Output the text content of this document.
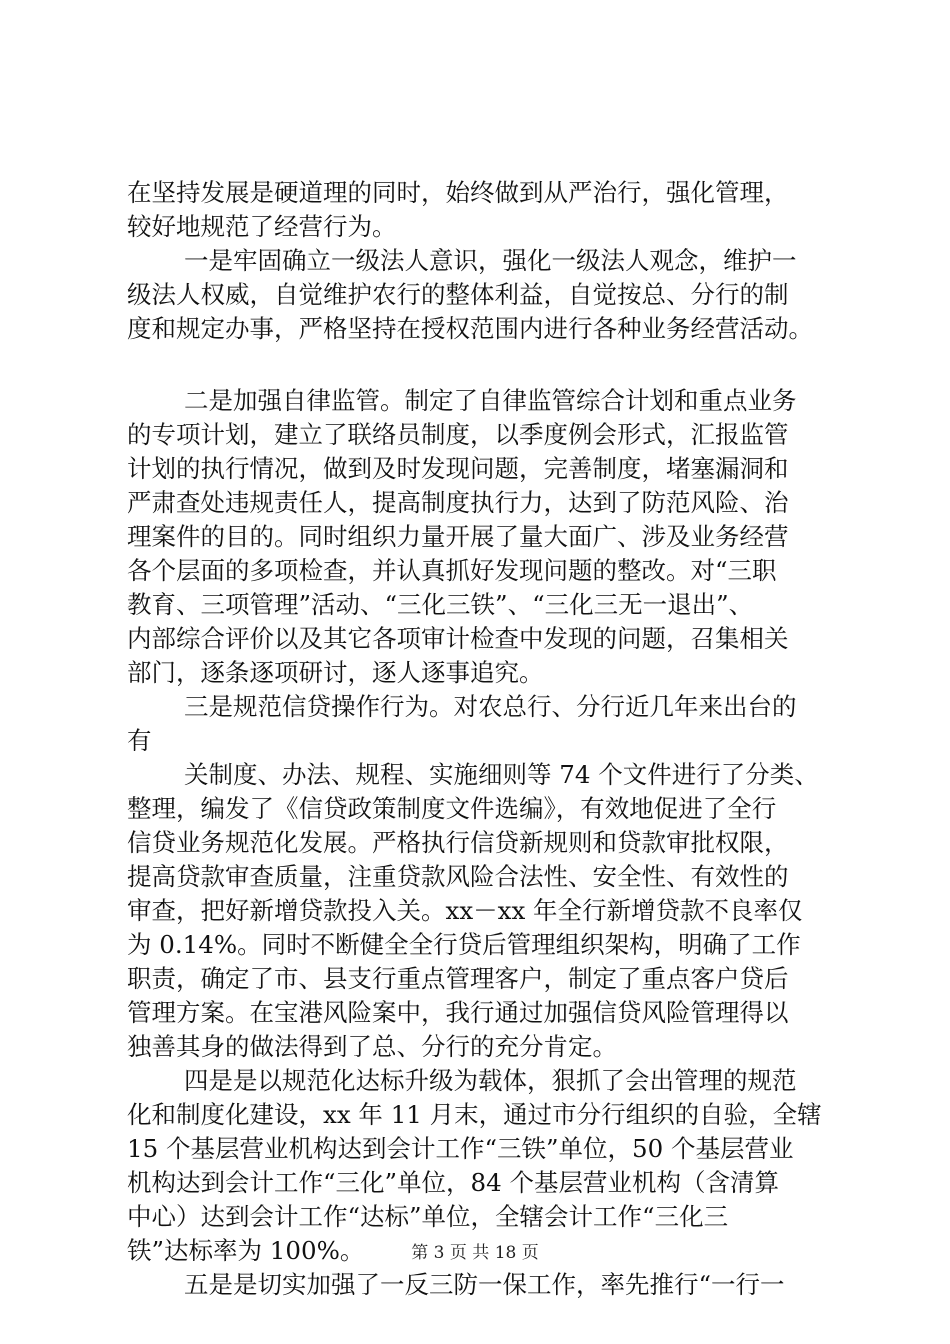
在坚持发展是硬道理的同时，始终做到从严治行，强化管理，
较好地规范了经营行为。
一是牢固确立一级法人意识，强化一级法人观念，维护一
级法人权威，自觉维护农行的整体利益，自觉按总、分行的制
度和规定办事，严格坚持在授权范围内进行各种业务经营活动。
二是加强自律监管。制定了自律监管综合计划和重点业务
的专项计划，建立了联络员制度，以季度例会形式，汇报监管
计划的执行情况，做到及时发现问题，完善制度，堵塞漏洞和
严肃查处违规责任人，提高制度执行力，达到了防范风险、治
理案件的目的。同时组织力量开展了量大面广、涉及业务经营
各个层面的多项检查，并认真抓好发现问题的整改。对“三职
教育、三项管理”活动、“三化三铁”、“三化三无一退出”、
内部综合评价以及其它各项审计检查中发现的问题，召集相关
部门，逐条逐项研讨，逐人逐事追究。
三是规范信贷操作行为。对农总行、分行近几年来出台的
有
关制度、办法、规程、实施细则等 74 个文件进行了分类、
整理，编发了《信贷政策制度文件选编》，有效地促进了全行
信贷业务规范化发展。严格执行信贷新规则和贷款审批权限，
提高贷款审查质量，注重贷款风险合法性、安全性、有效性的
审查，把好新增贷款投入关。xx－xx 年全行新增贷款不良率仅
为 0.14%。同时不断健全全行贷后管理组织架构，明确了工作
职责，确定了市、县支行重点管理客户，制定了重点客户贷后
管理方案。在宝港风险案中，我行通过加强信贷风险管理得以
独善其身的做法得到了总、分行的充分肯定。
四是是以规范化达标升级为载体，狠抓了会出管理的规范
化和制度化建设，xx 年 11 月末，通过市分行组织的自验，全辖
15 个基层营业机构达到会计工作“三铁”单位，50 个基层营业
机构达到会计工作“三化”单位，84 个基层营业机构（含清算
中心）达到会计工作“达标”单位，全辖会计工作“三化三
铁”达标率为 100%。
五是是切实加强了一反三防一保工作，率先推行“一行一
第 3 页 共 18 页
